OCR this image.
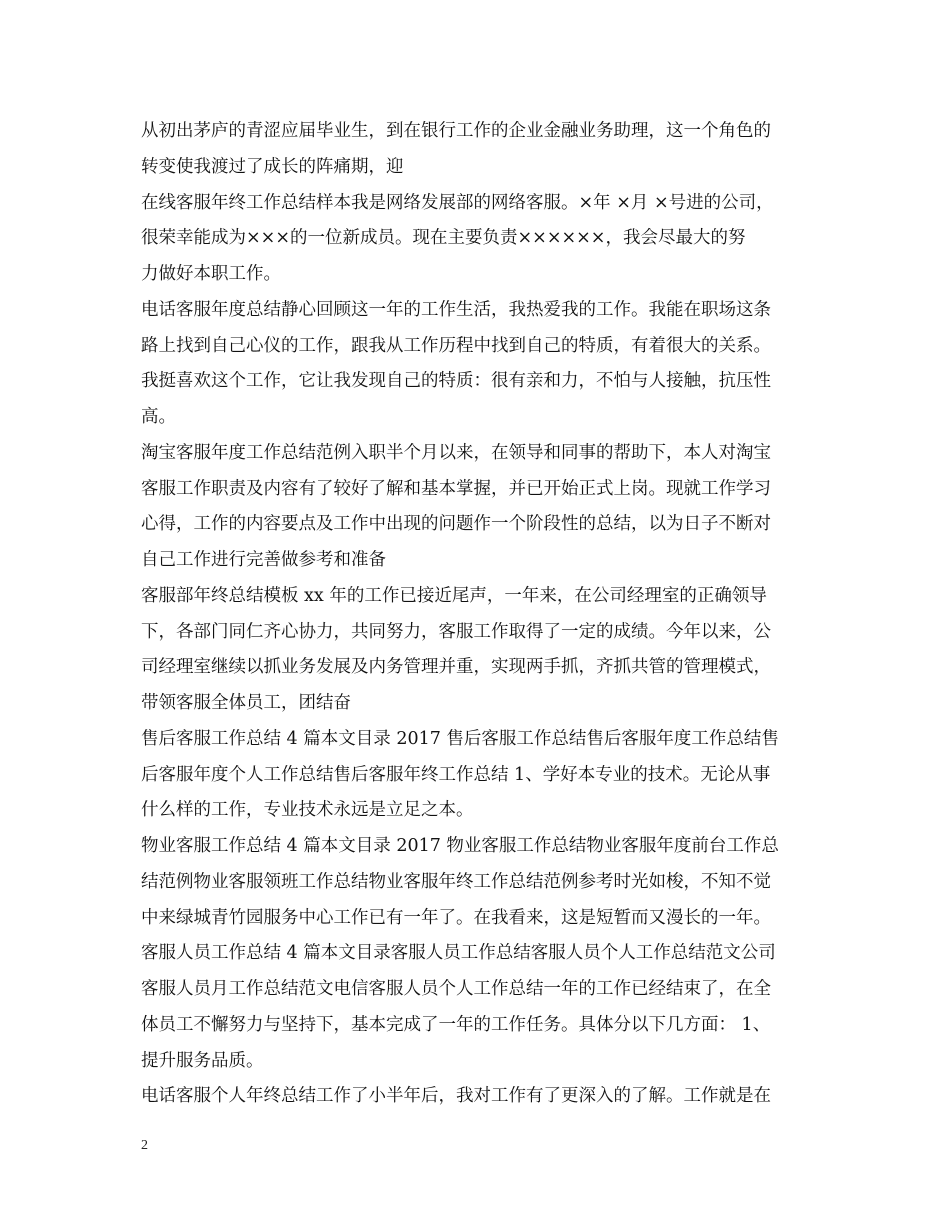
从初出茅庐的青涩应届毕业生，到在银行工作的企业金融业务助理，这一个角色的
转变使我渡过了成长的阵痛期，迎
在线客服年终工作总结样本我是网络发展部的网络客服。×年 ×月 ×号进的公司，
很荣幸能成为×××的一位新成员。现在主要负责××××××，我会尽最大的努
力做好本职工作。
电话客服年度总结静心回顾这一年的工作生活，我热爱我的工作。我能在职场这条
路上找到自己心仪的工作，跟我从工作历程中找到自己的特质，有着很大的关系。
我挺喜欢这个工作，它让我发现自己的特质：很有亲和力，不怕与人接触，抗压性
高。
淘宝客服年度工作总结范例入职半个月以来，在领导和同事的帮助下，本人对淘宝
客服工作职责及内容有了较好了解和基本掌握，并已开始正式上岗。现就工作学习
心得，工作的内容要点及工作中出现的问题作一个阶段性的总结，以为日子不断对
自己工作进行完善做参考和准备
客服部年终总结模板 xx 年的工作已接近尾声，一年来，在公司经理室的正确领导
下，各部门同仁齐心协力，共同努力，客服工作取得了一定的成绩。今年以来，公
司经理室继续以抓业务发展及内务管理并重，实现两手抓，齐抓共管的管理模式，
带领客服全体员工，团结奋
售后客服工作总结 4 篇本文目录 2017 售后客服工作总结售后客服年度工作总结售
后客服年度个人工作总结售后客服年终工作总结 1、学好本专业的技术。无论从事
什么样的工作，专业技术永远是立足之本。
物业客服工作总结 4 篇本文目录 2017 物业客服工作总结物业客服年度前台工作总
结范例物业客服领班工作总结物业客服年终工作总结范例参考时光如梭，不知不觉
中来绿城青竹园服务中心工作已有一年了。在我看来，这是短暂而又漫长的一年。
客服人员工作总结 4 篇本文目录客服人员工作总结客服人员个人工作总结范文公司
客服人员月工作总结范文电信客服人员个人工作总结一年的工作已经结束了，在全
体员工不懈努力与坚持下，基本完成了一年的工作任务。具体分以下几方面： 1、
提升服务品质。
电话客服个人年终总结工作了小半年后，我对工作有了更深入的了解。工作就是在
2
